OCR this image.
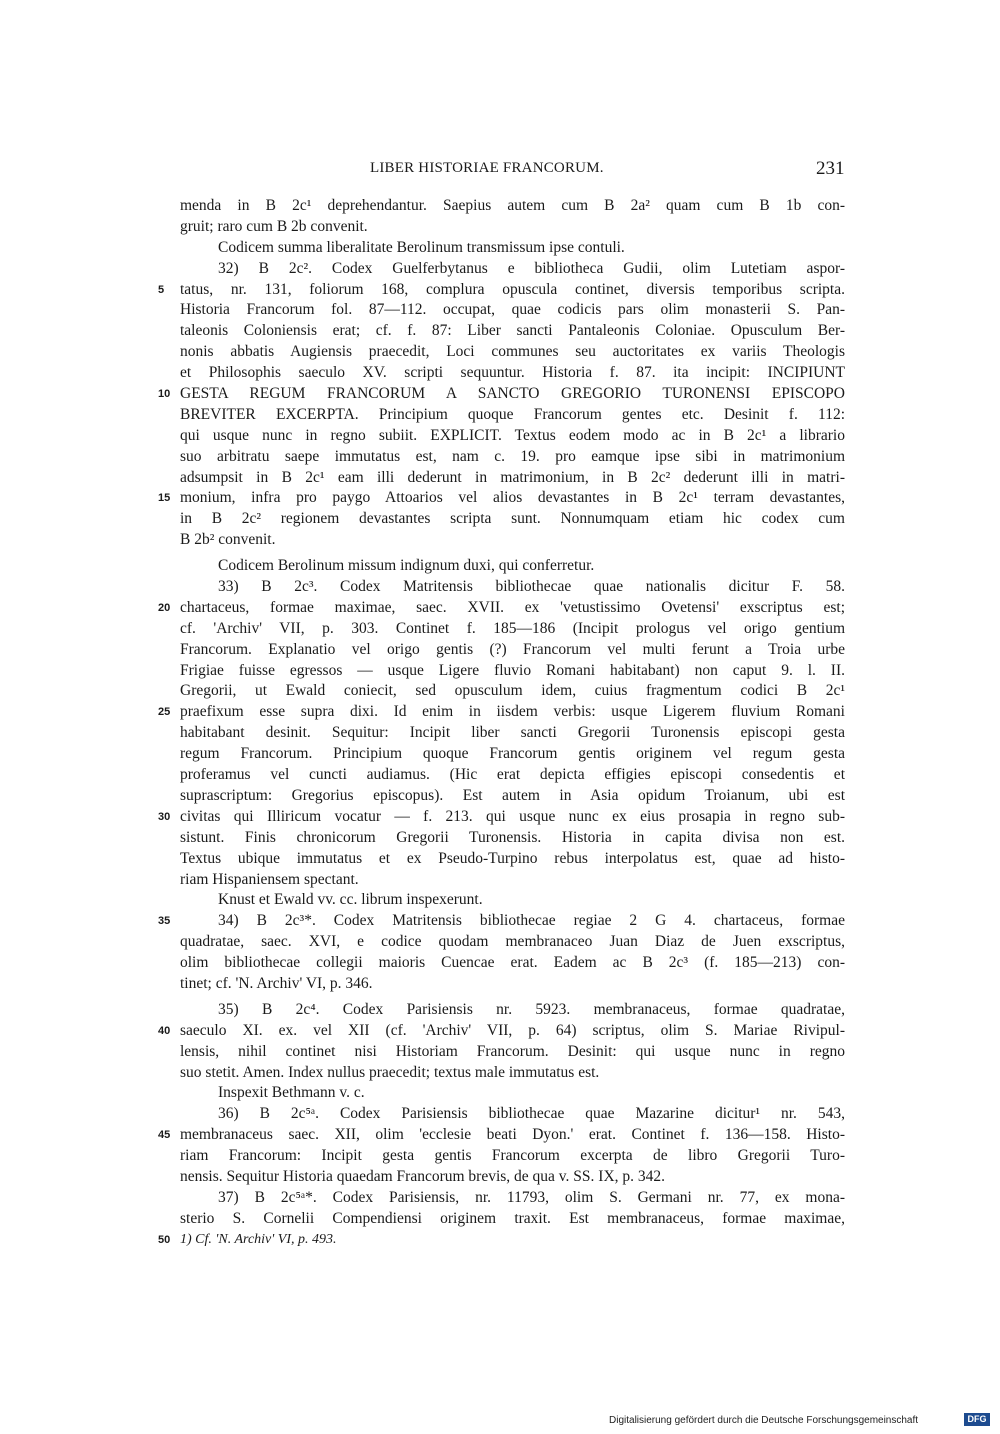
LIBER HISTORIAE FRANCORUM.	231
menda in B 2c¹ deprehendantur. Saepius autem cum B 2a² quam cum B 1b con-
gruit; raro cum B 2b convenit.
Codicem summa liberalitate Berolinum transmissum ipse contuli.
32) B 2c². Codex Guelferbytanus e bibliotheca Gudii, olim Lutetiam aspor-
5 tatus, nr. 131, foliorum 168, complura opuscula continet, diversis temporibus scripta.
Historia Francorum fol. 87—112. occupat, quae codicis pars olim monasterii S. Pan-
taleonis Coloniensis erat; cf. f. 87: Liber sancti Pantaleonis Coloniae. Opusculum Ber-
nonis abbatis Augiensis praecedit, Loci communes seu auctoritates ex variis Theologis
et Philosophis saeculo XV. scripti sequuntur. Historia f. 87. ita incipit: INCIPIUNT
10 GESTA REGUM FRANCORUM A SANCTO GREGORIO TURONENSI EPISCOPO
BREVITER EXCERPTA. Principium quoque Francorum gentes etc. Desinit f. 112:
qui usque nunc in regno subiit. EXPLICIT. Textus eodem modo ac in B 2c¹ a librario
suo arbitratu saepe immutatus est, nam c. 19. pro eamque ipse sibi in matrimonium
adsumpsit in B 2c¹ eam illi dederunt in matrimonium, in B 2c² dederunt illi in matri-
15 monium, infra pro paygo Attoarios vel alios devastantes in B 2c¹ terram devastantes,
in B 2c² regionem devastantes scripta sunt. Nonnumquam etiam hic codex cum
B 2b² convenit.
Codicem Berolinum missum indignum duxi, qui conferretur.
33) B 2c³. Codex Matritensis bibliothecae quae nationalis dicitur F. 58.
20 chartaceus, formae maximae, saec. XVII. ex 'vetustissimo Ovetensi' exscriptus est;
cf. 'Archiv' VII, p. 303. Continet f. 185—186 (Incipit prologus vel origo gentium
Francorum. Explanatio vel origo gentis (?) Francorum vel multi ferunt a Troia urbe
Frigiae fuisse egressos — usque Ligere fluvio Romani habitabant) non caput 9. l. II.
Gregorii, ut Ewald coniecit, sed opusculum idem, cuius fragmentum codici B 2c¹
25 praefixum esse supra dixi. Id enim in iisdem verbis: usque Ligerem fluvium Romani
habitabant desinit. Sequitur: Incipit liber sancti Gregorii Turonensis episcopi gesta
regum Francorum. Principium quoque Francorum gentis originem vel regum gesta
proferamus vel cuncti audiamus. (Hic erat depicta effigies episcopi consedentis et
suprascriptum: Gregorius episcopus). Est autem in Asia opidum Troianum, ubi est
30 civitas qui Illiricum vocatur — f. 213. qui usque nunc ex eius prosapia in regno sub-
sistunt. Finis chronicorum Gregorii Turonensis. Historia in capita divisa non est.
Textus ubique immutatus et ex Pseudo-Turpino rebus interpolatus est, quae ad histo-
riam Hispaniensem spectant.
Knust et Ewald vv. cc. librum inspexerunt.
35	34) B 2c³*. Codex Matritensis bibliothecae regiae 2 G 4. chartaceus, formae
quadratae, saec. XVI, e codice quodam membranaceo Juan Diaz de Juen exscriptus,
olim bibliothecae collegii maioris Cuencae erat. Eadem ac B 2c³ (f. 185—213) con-
tinet; cf. 'N. Archiv' VI, p. 346.
35) B 2c⁴. Codex Parisiensis nr. 5923. membranaceus, formae quadratae,
40 saeculo XI. ex. vel XII (cf. 'Archiv' VII, p. 64) scriptus, olim S. Mariae Rivipul-
lensis, nihil continet nisi Historiam Francorum. Desinit: qui usque nunc in regno
suo stetit. Amen. Index nullus praecedit; textus male immutatus est.
Inspexit Bethmann v. c.
36) B 2c⁵ᵃ. Codex Parisiensis bibliothecae quae Mazarine dicitur¹ nr. 543,
45 membranaceus saec. XII, olim 'ecclesie beati Dyon.' erat. Continet f. 136—158. Histo-
riam Francorum: Incipit gesta gentis Francorum excerpta de libro Gregorii Turo-
nensis. Sequitur Historia quaedam Francorum brevis, de qua v. SS. IX, p. 342.
37) B 2c⁵ᵃ*. Codex Parisiensis, nr. 11793, olim S. Germani nr. 77, ex mona-
sterio S. Cornelii Compendiensi originem traxit. Est membranaceus, formae maximae,
50 1) Cf. 'N. Archiv' VI, p. 493.
Digitalisierung gefördert durch die Deutsche Forschungsgemeinschaft	DFG
